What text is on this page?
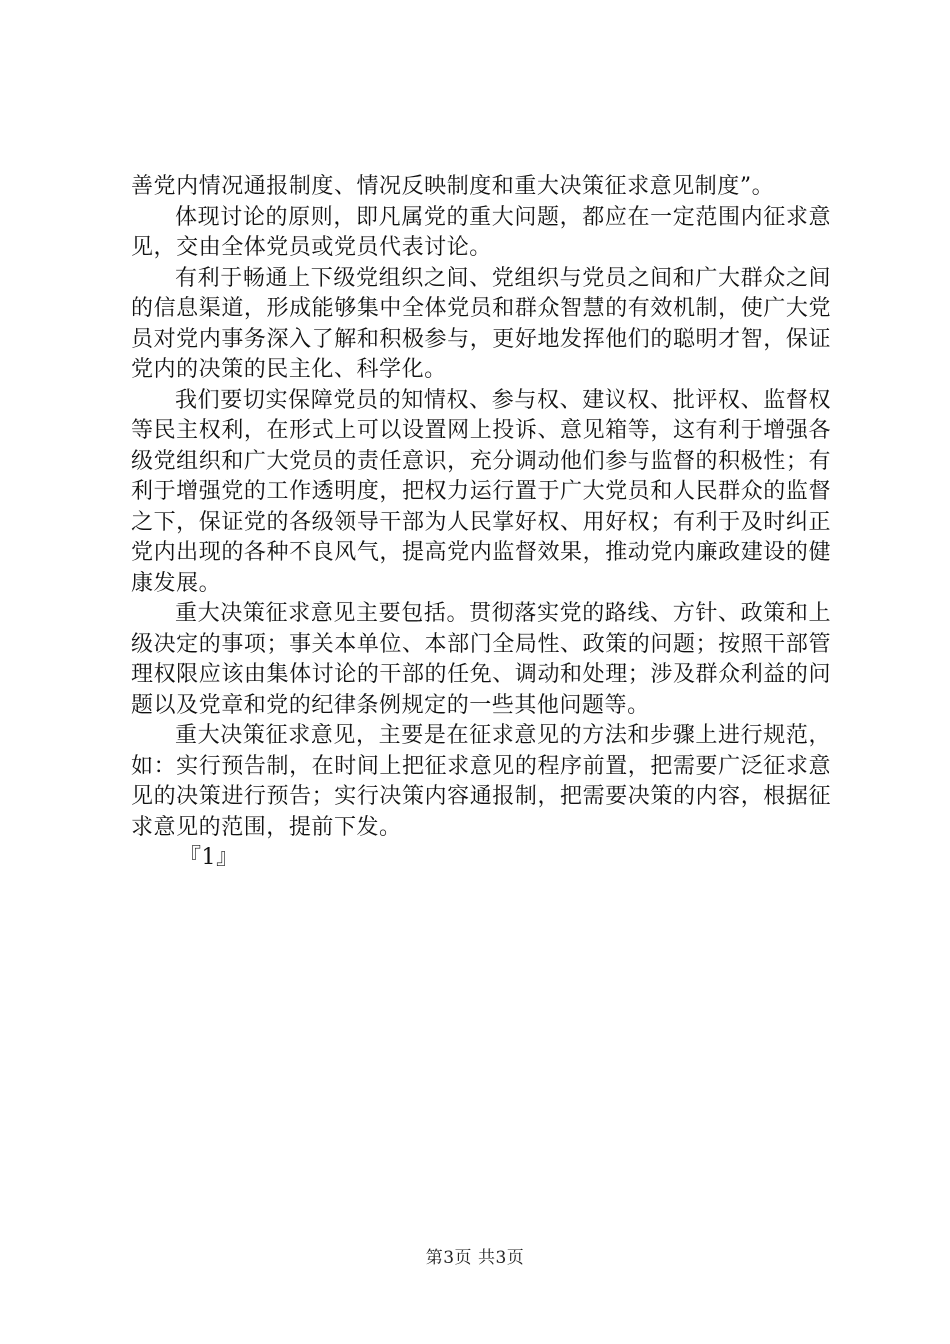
善党内情况通报制度、情况反映制度和重大决策征求意见制度”。

体现讨论的原则，即凡属党的重大问题，都应在一定范围内征求意见，交由全体党员或党员代表讨论。

有利于畅通上下级党组织之间、党组织与党员之间和广大群众之间的信息渠道，形成能够集中全体党员和群众智慧的有效机制，使广大党员对党内事务深入了解和积极参与，更好地发挥他们的聪明才智，保证党内的决策的民主化、科学化。

我们要切实保障党员的知情权、参与权、建议权、批评权、监督权等民主权利，在形式上可以设置网上投诉、意见箱等，这有利于增强各级党组织和广大党员的责任意识，充分调动他们参与监督的积极性；有利于增强党的工作透明度，把权力运行置于广大党员和人民群众的监督之下，保证党的各级领导干部为人民掌好权、用好权；有利于及时纠正党内出现的各种不良风气，提高党内监督效果，推动党内廉政建设的健康发展。

重大决策征求意见主要包括。贯彻落实党的路线、方针、政策和上级决定的事项；事关本单位、本部门全局性、政策的问题；按照干部管理权限应该由集体讨论的干部的任免、调动和处理；涉及群众利益的问题以及党章和党的纪律条例规定的一些其他问题等。

重大决策征求意见，主要是在征求意见的方法和步骤上进行规范，如：实行预告制，在时间上把征求意见的程序前置，把需要广泛征求意见的决策进行预告；实行决策内容通报制，把需要决策的内容，根据征求意见的范围，提前下发。

『1』

第3页 共3页
